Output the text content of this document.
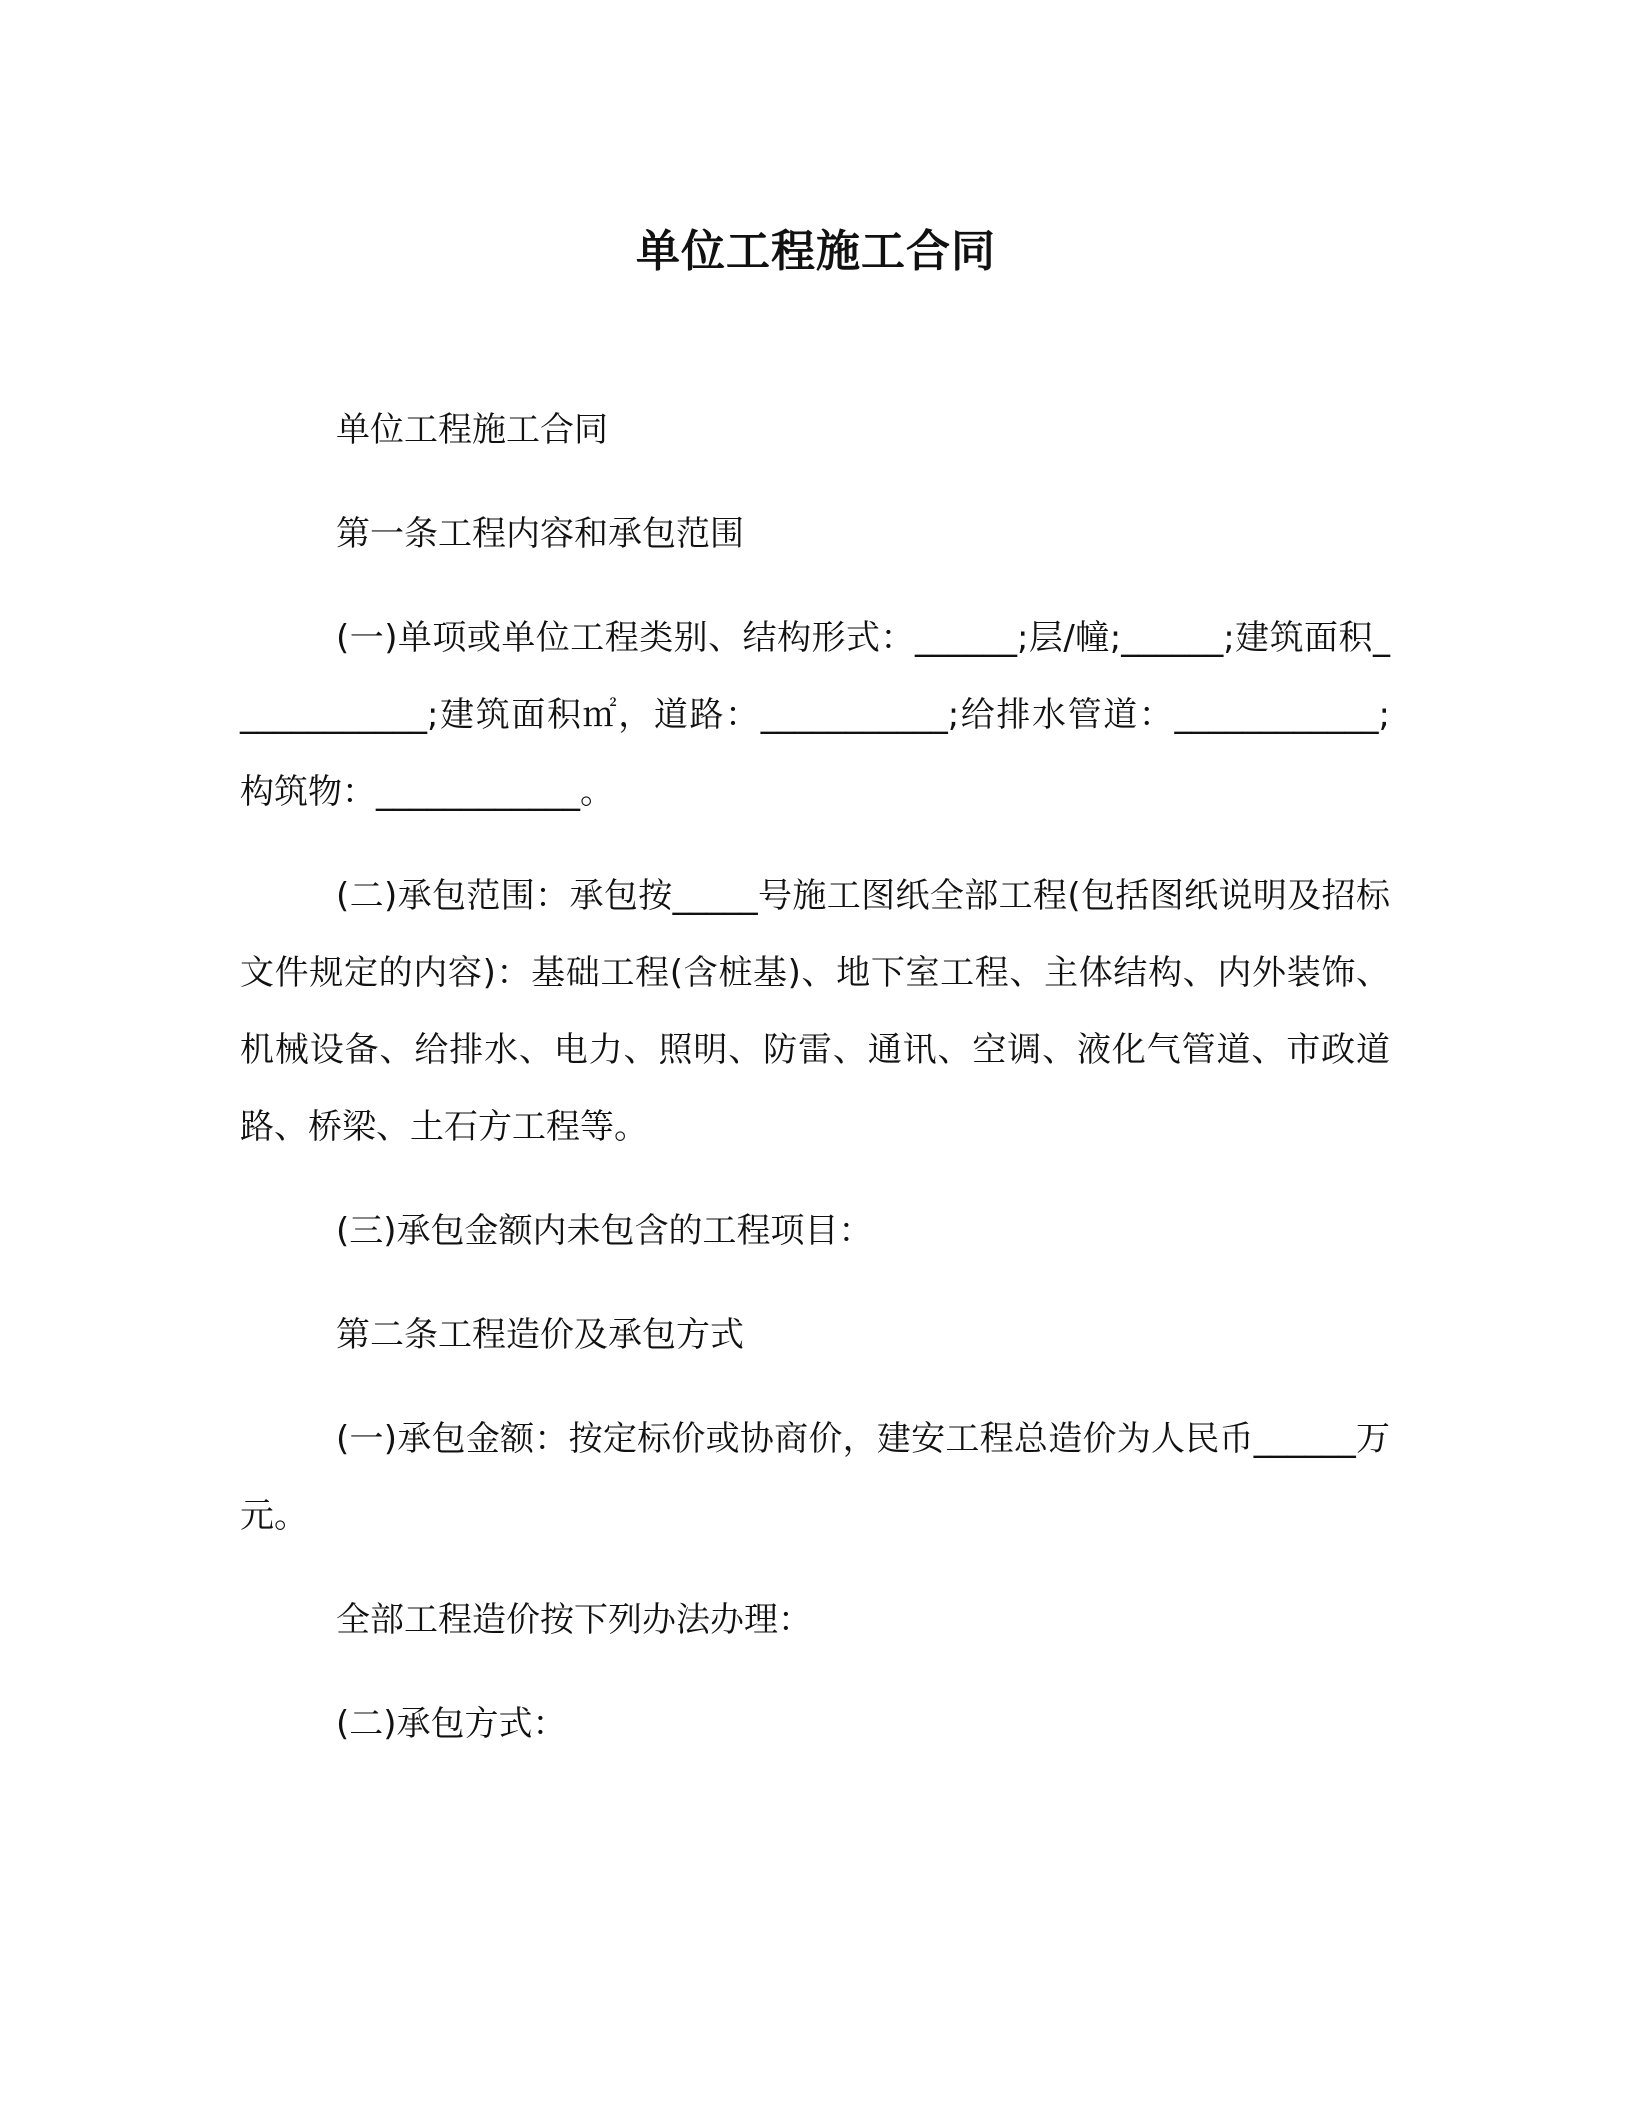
单位工程施工合同

单位工程施工合同

第一条工程内容和承包范围

(一)单项或单位工程类别、结构形式：______;层/幢;______;建筑面积____________;建筑面积㎡，道路：___________;给排水管道：____________;构筑物：____________。

(二)承包范围：承包按_____号施工图纸全部工程(包括图纸说明及招标文件规定的内容)：基础工程(含桩基)、地下室工程、主体结构、内外装饰、机械设备、给排水、电力、照明、防雷、通讯、空调、液化气管道、市政道路、桥梁、土石方工程等。

(三)承包金额内未包含的工程项目：

第二条工程造价及承包方式

(一)承包金额：按定标价或协商价，建安工程总造价为人民币______万元。

全部工程造价按下列办法办理：

(二)承包方式：
